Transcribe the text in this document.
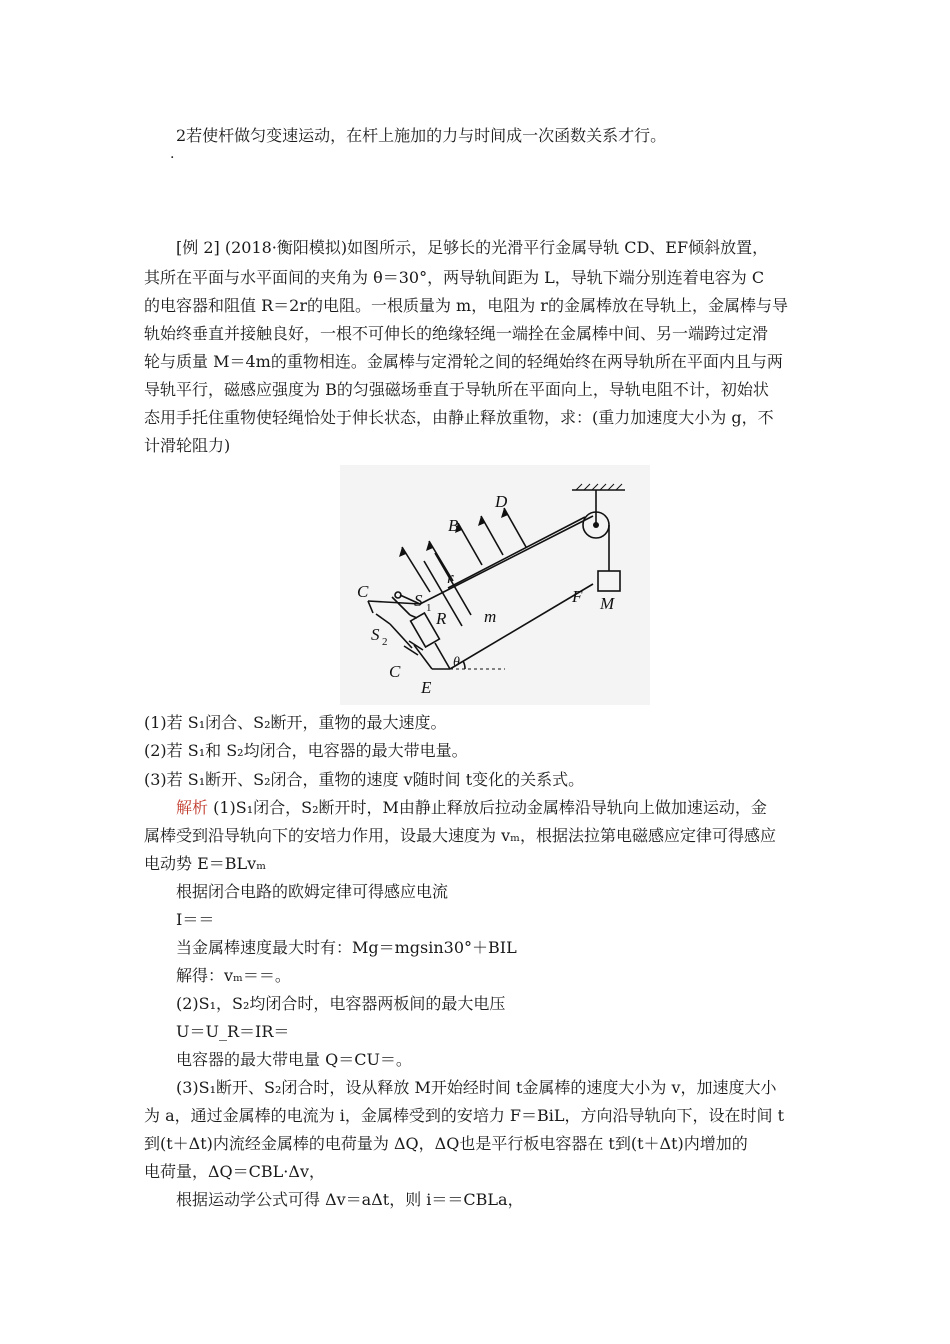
.
2若使杆做匀变速运动，在杆上施加的力与时间成一次函数关系才行。
[例 2] (2018·衡阳模拟)如图所示，足够长的光滑平行金属导轨 CD、EF倾斜放置，
其所在平面与水平面间的夹角为 θ＝30°，两导轨间距为 L，导轨下端分别连着电容为 C
的电容器和阻值 R＝2r的电阻。一根质量为 m，电阻为 r的金属棒放在导轨上，金属棒与导
轨始终垂直并接触良好，一根不可伸长的绝缘轻绳一端拴在金属棒中间、另一端跨过定滑
轮与质量 M＝4m的重物相连。金属棒与定滑轮之间的轻绳始终在两导轨所在平面内且与两
导轨平行，磁感应强度为 B的匀强磁场垂直于导轨所在平面向上，导轨电阻不计，初始状
态用手托住重物使轻绳恰处于伸长状态，由静止释放重物，求：(重力加速度大小为 g，不
计滑轮阻力)
D
B
r
C	S 1
R m
F M
S 2
C	θ
E
(1)若 S₁闭合、S₂断开，重物的最大速度。
(2)若 S₁和 S₂均闭合，电容器的最大带电量。
(3)若 S₁断开、S₂闭合，重物的速度 v随时间 t变化的关系式。
解析 (1)S₁闭合，S₂断开时，M由静止释放后拉动金属棒沿导轨向上做加速运动，金
属棒受到沿导轨向下的安培力作用，设最大速度为 vₘ，根据法拉第电磁感应定律可得感应
电动势 E＝BLvₘ
根据闭合电路的欧姆定律可得感应电流
I＝＝
当金属棒速度最大时有：Mg＝mgsin30°＋BIL
解得：vₘ＝＝。
(2)S₁，S₂均闭合时，电容器两板间的最大电压
U＝U_R＝IR＝
电容器的最大带电量 Q＝CU＝。
(3)S₁断开、S₂闭合时，设从释放 M开始经时间 t金属棒的速度大小为 v，加速度大小
为 a，通过金属棒的电流为 i，金属棒受到的安培力 F＝BiL，方向沿导轨向下，设在时间 t
到(t＋Δt)内流经金属棒的电荷量为 ΔQ，ΔQ也是平行板电容器在 t到(t＋Δt)内增加的
电荷量，ΔQ＝CBL·Δv，
根据运动学公式可得 Δv＝aΔt，则 i＝＝CBLa，
